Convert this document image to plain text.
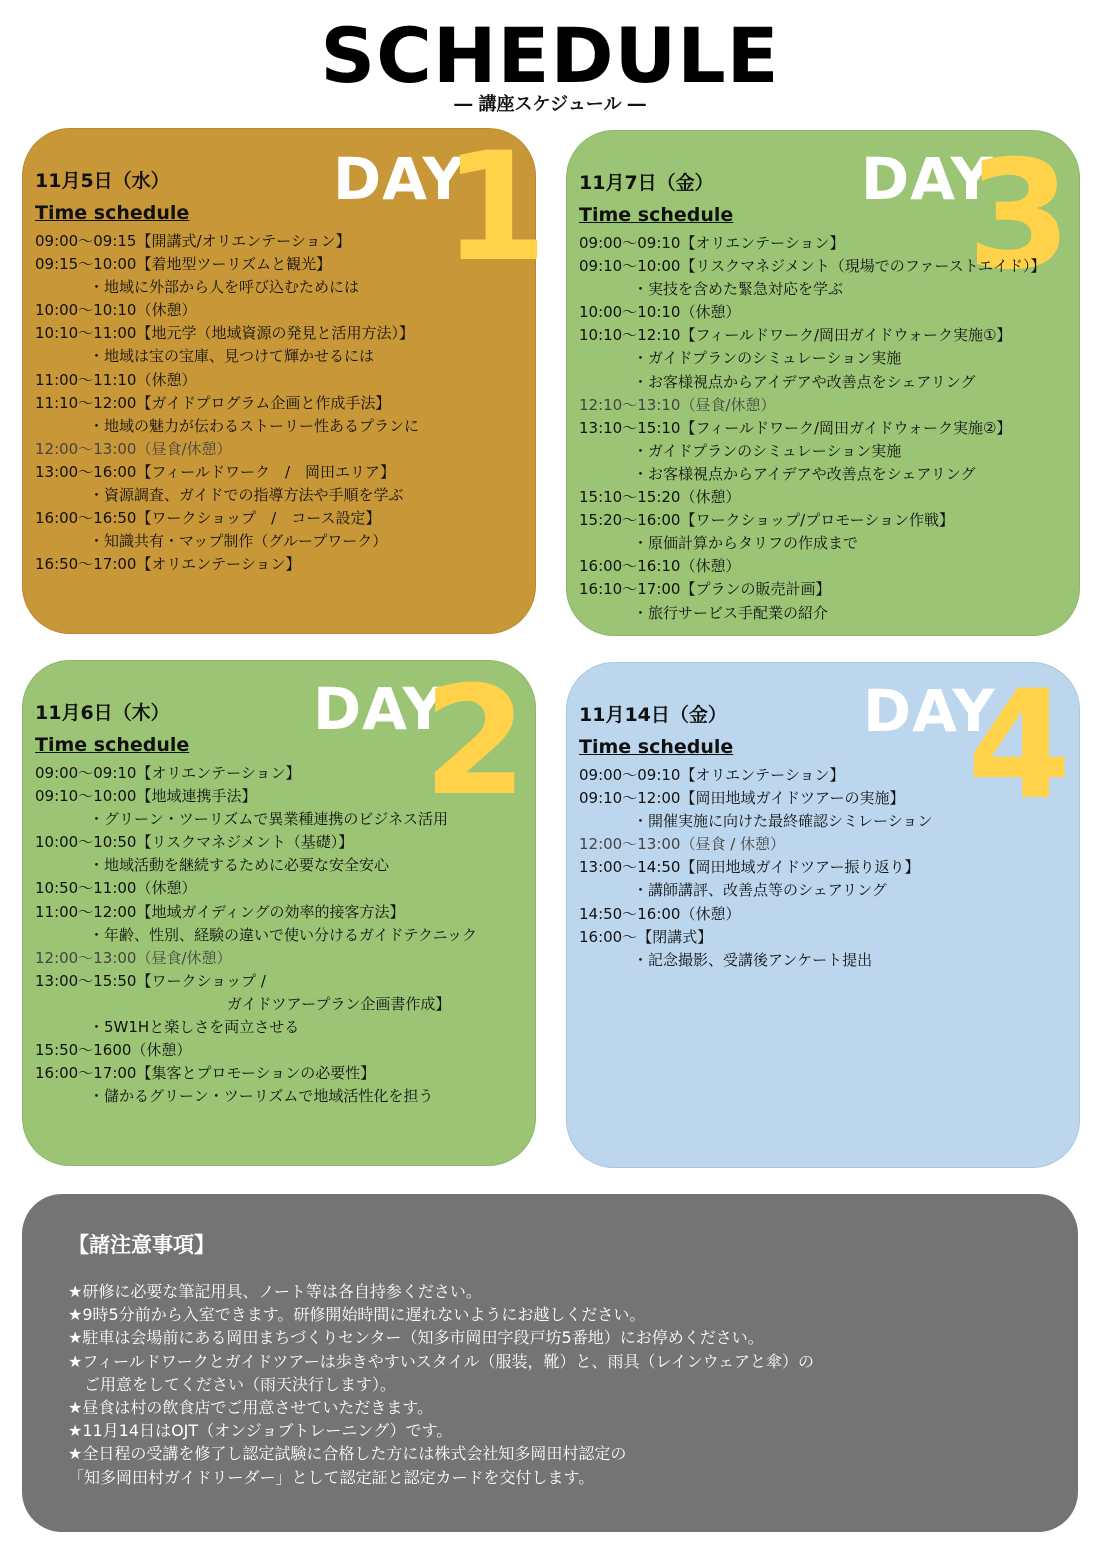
SCHEDULE
― 講座スケジュール ―
DAY
1
11月5日（水）
Time schedule
09:00～09:15【開講式/オリエンテーション】
09:15～10:00【着地型ツーリズムと観光】
・地域に外部から人を呼び込むためには
10:00～10:10（休憩）
10:10～11:00【地元学（地域資源の発見と活用方法）】
・地域は宝の宝庫、見つけて輝かせるには
11:00～11:10（休憩）
11:10～12:00【ガイドプログラム企画と作成手法】
・地域の魅力が伝わるストーリー性あるプランに
12:00～13:00（昼食/休憩）
13:00～16:00【フィールドワーク　/　岡田エリア】
・資源調査、ガイドでの指導方法や手順を学ぶ
16:00～16:50【ワークショップ　/　コース設定】
・知識共有・マップ制作（グループワーク）
16:50～17:00【オリエンテーション】
DAY
3
11月7日（金）
Time schedule
09:00～09:10【オリエンテーション】
09:10～10:00【リスクマネジメント（現場でのファーストエイド）】
・実技を含めた緊急対応を学ぶ
10:00～10:10（休憩）
10:10～12:10【フィールドワーク/岡田ガイドウォーク実施①】
・ガイドプランのシミュレーション実施
・お客様視点からアイデアや改善点をシェアリング
12:10～13:10（昼食/休憩）
13:10～15:10【フィールドワーク/岡田ガイドウォーク実施②】
・ガイドプランのシミュレーション実施
・お客様視点からアイデアや改善点をシェアリング
15:10～15:20（休憩）
15:20～16:00【ワークショップ/プロモーション作戦】
・原価計算からタリフの作成まで
16:00～16:10（休憩）
16:10～17:00【プランの販売計画】
・旅行サービス手配業の紹介
DAY
2
11月6日（木）
Time schedule
09:00～09:10【オリエンテーション】
09:10～10:00【地域連携手法】
・グリーン・ツーリズムで異業種連携のビジネス活用
10:00～10:50【リスクマネジメント（基礎）】
・地域活動を継続するために必要な安全安心
10:50～11:00（休憩）
11:00～12:00【地域ガイディングの効率的接客方法】
・年齢、性別、経験の違いで使い分けるガイドテクニック
12:00～13:00（昼食/休憩）
13:00～15:50【ワークショップ /
ガイドツアープラン企画書作成】
・5W1Hと楽しさを両立させる
15:50～1600（休憩）
16:00～17:00【集客とプロモーションの必要性】
・儲かるグリーン・ツーリズムで地域活性化を担う
DAY
4
11月14日（金）
Time schedule
09:00～09:10【オリエンテーション】
09:10～12:00【岡田地域ガイドツアーの実施】
・開催実施に向けた最終確認シミレーション
12:00～13:00（昼食 / 休憩）
13:00～14:50【岡田地域ガイドツアー振り返り】
・講師講評、改善点等のシェアリング
14:50～16:00（休憩）
16:00～【閉講式】
・記念撮影、受講後アンケート提出
【諸注意事項】
★研修に必要な筆記用具、ノート等は各自持参ください。
★9時5分前から入室できます。研修開始時間に遅れないようにお越しください。
★駐車は会場前にある岡田まちづくりセンター（知多市岡田字段戸坊5番地）にお停めください。
★フィールドワークとガイドツアーは歩きやすいスタイル（服装，靴）と、雨具（レインウェアと傘）の
　ご用意をしてください（雨天決行します）。
★昼食は村の飲食店でご用意させていただきます。
★11月14日はOJT（オンジョブトレーニング）です。
★全日程の受講を修了し認定試験に合格した方には株式会社知多岡田村認定の
「知多岡田村ガイドリーダー」として認定証と認定カードを交付します。
